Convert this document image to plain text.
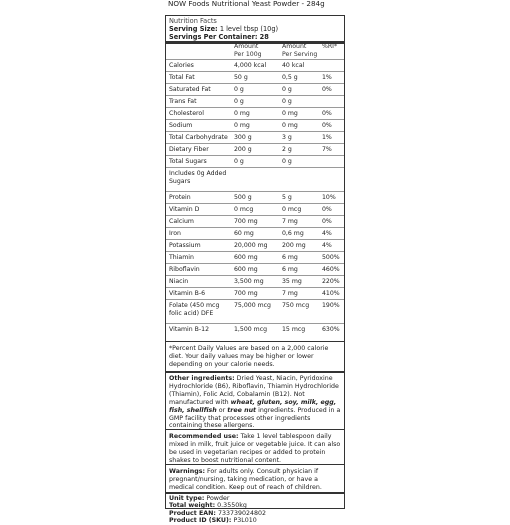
NOW Foods Nutritional Yeast Powder - 284g
Nutrition Facts
Serving Size: 1 level tbsp (10g)
Servings Per Container: 28
Amount
Per 100g
Amount
Per Serving
%RI*
Calories	4,000 kcal	40 kcal
Total Fat	50 g	0,5 g	1%
Saturated Fat	0 g	0 g	0%
Trans Fat	0 g	0 g
Cholesterol	0 mg	0 mg	0%
Sodium	0 mg	0 mg	0%
Total Carbohydrate 300 g	3 g	1%
Dietary Fiber	200 g	2 g	7%
Total Sugars	0 g	0 g
Includes 0g Added Sugars
Protein	500 g	5 g	10%
Vitamin D	0 mcg	0 mcg	0%
Calcium	700 mg	7 mg	0%
Iron	60 mg	0,6 mg	4%
Potassium	20,000 mg 200 mg	4%
Thiamin	600 mg	6 mg	500%
Riboflavin	600 mg	6 mg	460%
Niacin	3,500 mg	35 mg	220%
Vitamin B-6	700 mg	7 mg	410%
Folate (450 mcg folic acid) DFE
75,000 mcg 750 mcg 190%
Vitamin B-12	1,500 mcg 15 mcg	630%
*Percent Daily Values are based on a 2,000 calorie diet. Your daily values may be higher or lower depending on your calorie needs.
Other ingredients: Dried Yeast, Niacin, Pyridoxine Hydrochloride (B6), Riboflavin, Thiamin Hydrochloride (Thiamin), Folic Acid, Cobalamin (B12). Not manufactured with wheat, gluten, soy, milk, egg, fish, shellfish or tree nut ingredients. Produced in a GMP facility that processes other ingredients containing these allergens.
Recommended use: Take 1 level tablespoon daily mixed in milk, fruit juice or vegetable juice. It can also be used in vegetarian recipes or added to protein shakes to boost nutritional content.
Warnings: For adults only. Consult physician if pregnant/nursing, taking medication, or have a medical condition. Keep out of reach of children.
Unit type: Powder
Total weight: 0.3550kg
Product EAN: 733739024802
Product ID (SKU): P3L010
